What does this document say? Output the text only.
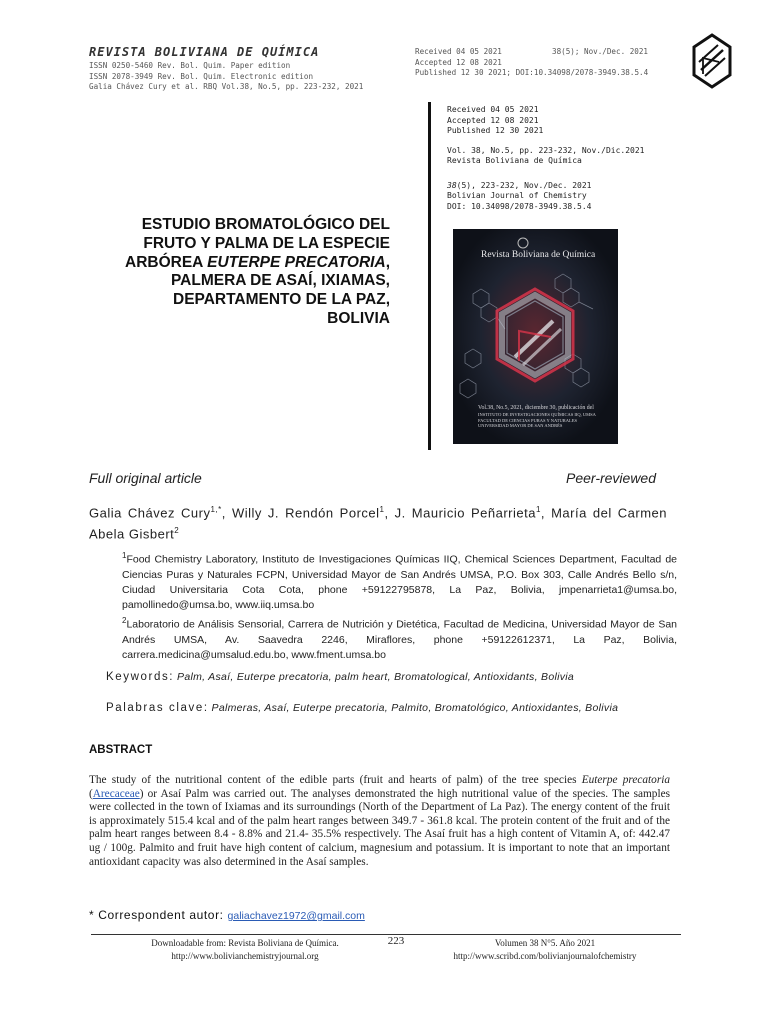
REVISTA BOLIVIANA DE QUÍMICA
ISSN 0250-5460 Rev. Bol. Quim. Paper edition
ISSN 2078-3949 Rev. Bol. Quim. Electronic edition
Galia Chávez Cury et al. RBQ Vol.38, No.5, pp. 223-232, 2021
Received 04 05 2021	38(5); Nov./Dec. 2021
Accepted 12 08 2021
Published 12 30 2021; DOI:10.34098/2078-3949.38.5.4
Received 04 05 2021
Accepted 12 08 2021
Published 12 30 2021
Vol. 38, No.5, pp. 223-232, Nov./Dic.2021
Revista Boliviana de Química
38(5), 223-232, Nov./Dec. 2021
Bolivian Journal of Chemistry
DOI: 10.34098/2078-3949.38.5.4
ESTUDIO BROMATOLÓGICO DEL FRUTO Y PALMA DE LA ESPECIE ARBÓREA EUTERPE PRECATORIA, PALMERA DE ASAÍ, IXIAMAS, DEPARTAMENTO DE LA PAZ, BOLIVIA
Revista Boliviana de Química
Vol.38, No.5, 2021, diciembre 30, publicación del
INSTITUTO DE INVESTIGACIONES QUÍMICAS IIQ, UMSA
FACULTAD DE CIENCIAS PURAS Y NATURALES
UNIVERSIDAD MAYOR DE SAN ANDRÉS
Full original article	Peer-reviewed
Galia Chávez Cury$^{1,*}$, Willy J. Rendón Porcel$^1$, J. Mauricio Peñarrieta$^1$, María del Carmen Abela Gisbert$^2$
$^1$Food Chemistry Laboratory, Instituto de Investigaciones Químicas IIQ, Chemical Sciences Department, Facultad de Ciencias Puras y Naturales FCPN, Universidad Mayor de San Andrés UMSA, P.O. Box 303, Calle Andrés Bello s/n, Ciudad Universitaria Cota Cota, phone +59122795878, La Paz, Bolivia, jmpenarrieta1@umsa.bo, pamollinedo@umsa.bo, www.iiq.umsa.bo
$^2$Laboratorio de Análisis Sensorial, Carrera de Nutrición y Dietética, Facultad de Medicina, Universidad Mayor de San Andrés UMSA, Av. Saavedra 2246, Miraflores, phone +59122612371, La Paz, Bolivia, carrera.medicina@umsalud.edu.bo, www.fment.umsa.bo
Keywords: Palm, Asaí, Euterpe precatoria, palm heart, Bromatological, Antioxidants, Bolivia
Palabras clave: Palmeras, Asaí, Euterpe precatoria, Palmito, Bromatológico, Antioxidantes, Bolivia
ABSTRACT
The study of the nutritional content of the edible parts (fruit and hearts of palm) of the tree species Euterpe precatoria (Arecaceae) or Asaí Palm was carried out. The analyses demonstrated the high nutritional value of the species. The samples were collected in the town of Ixiamas and its surroundings (North of the Department of La Paz). The energy content of the fruit is approximately 515.4 kcal and of the palm heart ranges between 349.7 - 361.8 kcal. The protein content of the fruit and of the palm heart ranges between 8.4 - 8.8% and 21.4- 35.5% respectively. The Asaí fruit has a high content of Vitamin A, of: 442.47 ug / 100g. Palmito and fruit have high content of calcium, magnesium and potassium. It is important to note that an important antioxidant capacity was also determined in the Asaí samples.
* Correspondent autor: galiachavez1972@gmail.com
Downloadable from: Revista Boliviana de Química.
http://www.bolivianchemistryjournal.org
223	Volumen 38 N°5. Año 2021
http://www.scribd.com/bolivianjournalofchemistry
